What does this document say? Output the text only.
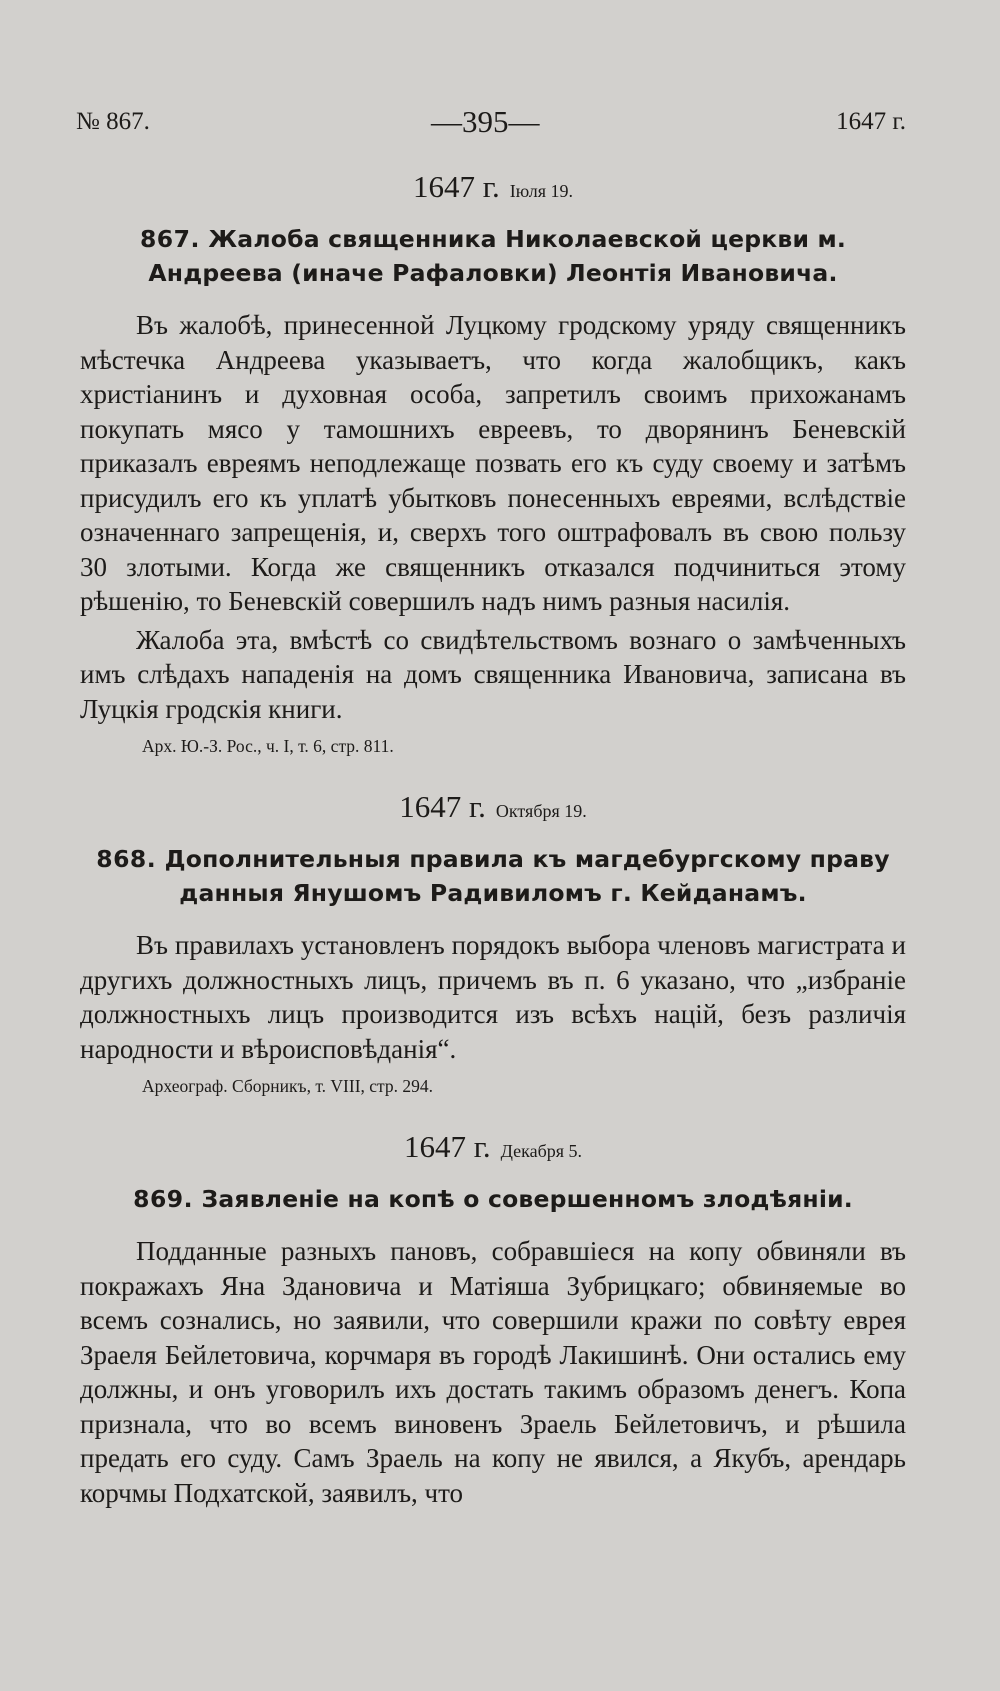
№ 867.	—395—	1647 г.
1647 г. Іюля 19.
867. Жалоба священника Николаевской церкви м. Андреева (иначе Рафаловки) Леонтія Ивановича.

Въ жалобѣ, принесенной Луцкому гродскому уряду священникъ мѣстечка Андреева указываетъ, что когда жалобщикъ, какъ христіанинъ и духовная особа, запретилъ своимъ прихожанамъ покупать мясо у тамошнихъ евреевъ, то дворянинъ Беневскій приказалъ евреямъ неподлежаще позвать его къ суду своему и затѣмъ присудилъ его къ уплатѣ убытковъ понесенныхъ евреями, вслѣдствіе означеннаго запрещенія, и, сверхъ того оштрафовалъ въ свою пользу 30 злотыми. Когда же священникъ отказался подчиниться этому рѣшенію, то Беневскій совершилъ надъ нимъ разныя насилія.

Жалоба эта, вмѣстѣ со свидѣтельствомъ вознаго о замѣченныхъ имъ слѣдахъ нападенія на домъ священника Ивановича, записана въ Луцкія гродскія книги.

Арх. Ю.-З. Рос., ч. I, т. 6, стр. 811.
1647 г. Октября 19.
868. Дополнительныя правила къ магдебургскому праву данныя Янушомъ Радивиломъ г. Кейданамъ.

Въ правилахъ установленъ порядокъ выбора членовъ магистрата и другихъ должностныхъ лицъ, причемъ въ п. 6 указано, что „избраніе должностныхъ лицъ производится изъ всѣхъ націй, безъ различія народности и вѣроисповѣданія“.

Археограф. Сборникъ, т. VIII, стр. 294.
1647 г. Декабря 5.
869. Заявленіе на копѣ о совершенномъ злодѣяніи.

Подданные разныхъ пановъ, собравшіеся на копу обвиняли въ покражахъ Яна Здановича и Матіяша Зубрицкаго; обвиняемые во всемъ сознались, но заявили, что совершили кражи по совѣту еврея Зраеля Бейлетовича, корчмаря въ городѣ Лакишинѣ. Они остались ему должны, и онъ уговорилъ ихъ достать такимъ образомъ денегъ. Копа признала, что во всемъ виновенъ Зраель Бейлетовичъ, и рѣшила предать его суду. Самъ Зраель на копу не явился, а Якубъ, арендарь корчмы Подхатской, заявилъ, что
